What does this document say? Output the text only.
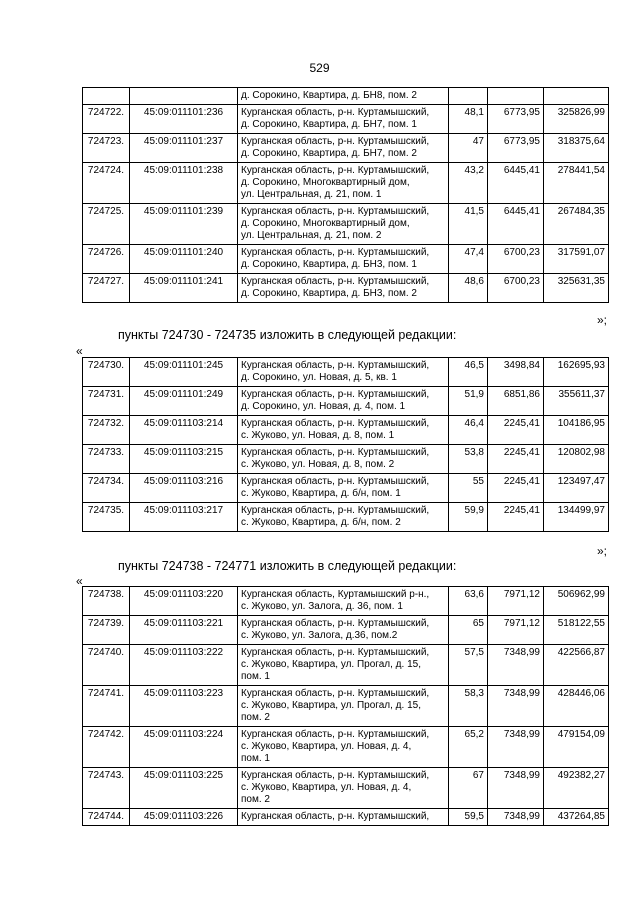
529

		д. Сорокино, Квартира, д. БН8, пом. 2			

724722.	45:09:011101:236	Курганская область, р-н. Куртамышский,
д. Сорокино, Квартира, д. БН7, пом. 1	48,1	6773,95	325826,99
724723.	45:09:011101:237	Курганская область, р-н. Куртамышский,
д. Сорокино, Квартира, д. БН7, пом. 2	47	6773,95	318375,64
724724.	45:09:011101:238	Курганская область, р-н. Куртамышский,
д. Сорокино, Многоквартирный дом,
ул. Центральная, д. 21, пом. 1	43,2	6445,41	278441,54
724725.	45:09:011101:239	Курганская область, р-н. Куртамышский,
д. Сорокино, Многоквартирный дом,
ул. Центральная, д. 21, пом. 2	41,5	6445,41	267484,35
724726.	45:09:011101:240	Курганская область, р-н. Куртамышский,
д. Сорокино, Квартира, д. БН3, пом. 1	47,4	6700,23	317591,07
724727.	45:09:011101:241	Курганская область, р-н. Куртамышский,
д. Сорокино, Квартира, д. БН3, пом. 2	48,6	6700,23	325631,35
»;
пункты 724730 - 724735 изложить в следующей редакции:
«
724730.	45:09:011101:245	Курганская область, р-н. Куртамышский,
д. Сорокино, ул. Новая, д. 5, кв. 1	46,5	3498,84	162695,93
724731.	45:09:011101:249	Курганская область, р-н. Куртамышский,
д. Сорокино, ул. Новая, д. 4, пом. 1	51,9	6851,86	355611,37
724732.	45:09:011103:214	Курганская область, р-н. Куртамышский,
с. Жуково, ул. Новая, д. 8, пом. 1	46,4	2245,41	104186,95
724733.	45:09:011103:215	Курганская область, р-н. Куртамышский,
с. Жуково, ул. Новая, д. 8, пом. 2	53,8	2245,41	120802,98
724734.	45:09:011103:216	Курганская область, р-н. Куртамышский,
с. Жуково, Квартира, д. б/н, пом. 1	55	2245,41	123497,47
724735.	45:09:011103:217	Курганская область, р-н. Куртамышский,
с. Жуково, Квартира, д. б/н, пом. 2	59,9	2245,41	134499,97
»;
пункты 724738 - 724771 изложить в следующей редакции:
«
724738.	45:09:011103:220	Курганская область, Куртамышский р-н.,
с. Жуково, ул. Залога, д. 36, пом. 1	63,6	7971,12	506962,99
724739.	45:09:011103:221	Курганская область, р-н. Куртамышский,
с. Жуково, ул. Залога, д.36, пом.2	65	7971,12	518122,55
724740.	45:09:011103:222	Курганская область, р-н. Куртамышский,
с. Жуково, Квартира, ул. Прогал, д. 15,
пом. 1	57,5	7348,99	422566,87
724741.	45:09:011103:223	Курганская область, р-н. Куртамышский,
с. Жуково, Квартира, ул. Прогал, д. 15,
пом. 2	58,3	7348,99	428446,06
724742.	45:09:011103:224	Курганская область, р-н. Куртамышский,
с. Жуково, Квартира, ул. Новая, д. 4,
пом. 1	65,2	7348,99	479154,09
724743.	45:09:011103:225	Курганская область, р-н. Куртамышский,
с. Жуково, Квартира, ул. Новая, д. 4,
пом. 2	67	7348,99	492382,27
724744.	45:09:011103:226	Курганская область, р-н. Куртамышский,	59,5	7348,99	437264,85
